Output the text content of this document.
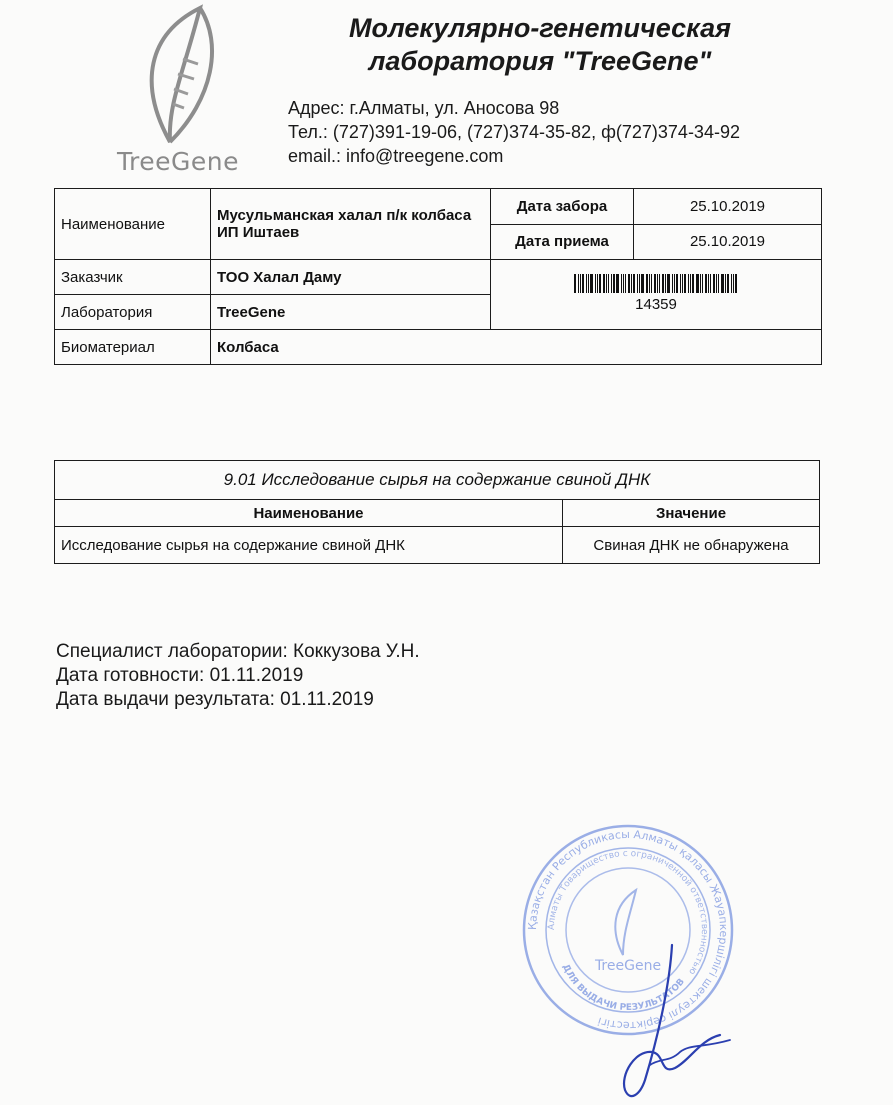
TreeGene
Молекулярно-генетическая
лаборатория "TreeGene"
Адрес: г.Алматы, ул. Аносова 98
Тел.: (727)391-19-06, (727)374-35-82, ф(727)374-34-92
email.: info@treegene.com
Наименование	Мусульманская халал п/к колбаса ИП Иштаев	Дата забора	25.10.2019
		Дата приема	25.10.2019
Заказчик	ТОО Халал Даму	14359	

Лаборатория	TreeGene		
Биоматериал	Колбаса		
9.01 Исследование сырья на содержание свиной ДНК	
Наименование	Значение
Исследование сырья на содержание свиной ДНК	Свиная ДНК не обнаружена
Специалист лаборатории: Коккузова У.Н.
Дата готовности: 01.11.2019
Дата выдачи результата: 01.11.2019
Қазақстан Республикасы Алматы қаласы Жауапкершілігі шектеулі серіктестігі
Алматы Товарищество с ограниченной ответственностью
TreeGene
ДЛЯ ВЫДАЧИ РЕЗУЛЬТАТОВ
